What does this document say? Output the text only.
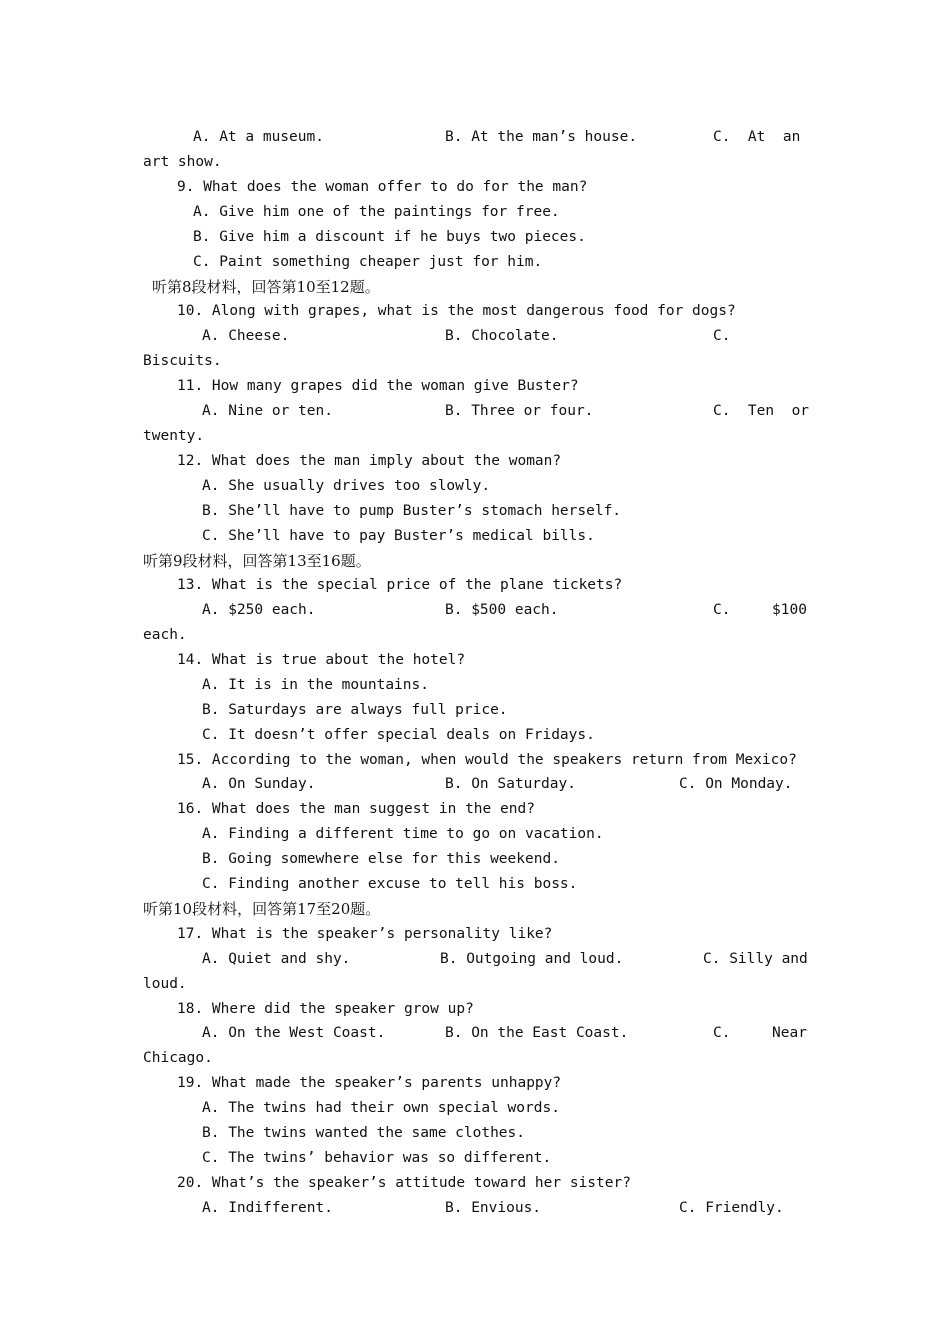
A. At a museum.	B. At the man’s house.	C.  At  an
art show.
9. What does the woman offer to do for the man?
A. Give him one of the paintings for free.
B. Give him a discount if he buys two pieces.
C. Paint something cheaper just for him.
听第8段材料，回答第10至12题。
10. Along with grapes, what is the most dangerous food for dogs?
A. Cheese.	B. Chocolate.	C.
Biscuits.
11. How many grapes did the woman give Buster?
A. Nine or ten.	B. Three or four.	C.  Ten  or
twenty.
12. What does the man imply about the woman?
A. She usually drives too slowly.
B. She’ll have to pump Buster’s stomach herself.
C. She’ll have to pay Buster’s medical bills.
听第9段材料，回答第13至16题。
13. What is the special price of the plane tickets?
A. $250 each.	B. $500 each.	C.	$100
each.
14. What is true about the hotel?
A. It is in the mountains.
B. Saturdays are always full price.
C. It doesn’t offer special deals on Fridays.
15. According to the woman, when would the speakers return from Mexico?
A. On Sunday.	B. On Saturday.	C. On Monday.
16. What does the man suggest in the end?
A. Finding a different time to go on vacation.
B. Going somewhere else for this weekend.
C. Finding another excuse to tell his boss.
听第10段材料，回答第17至20题。
17. What is the speaker’s personality like?
A. Quiet and shy.	B. Outgoing and loud.	C. Silly and
loud.
18. Where did the speaker grow up?
A. On the West Coast.	B. On the East Coast.	C.	Near
Chicago.
19. What made the speaker’s parents unhappy?
A. The twins had their own special words.
B. The twins wanted the same clothes.
C. The twins’ behavior was so different.
20. What’s the speaker’s attitude toward her sister?
A. Indifferent.	B. Envious.	C. Friendly.
